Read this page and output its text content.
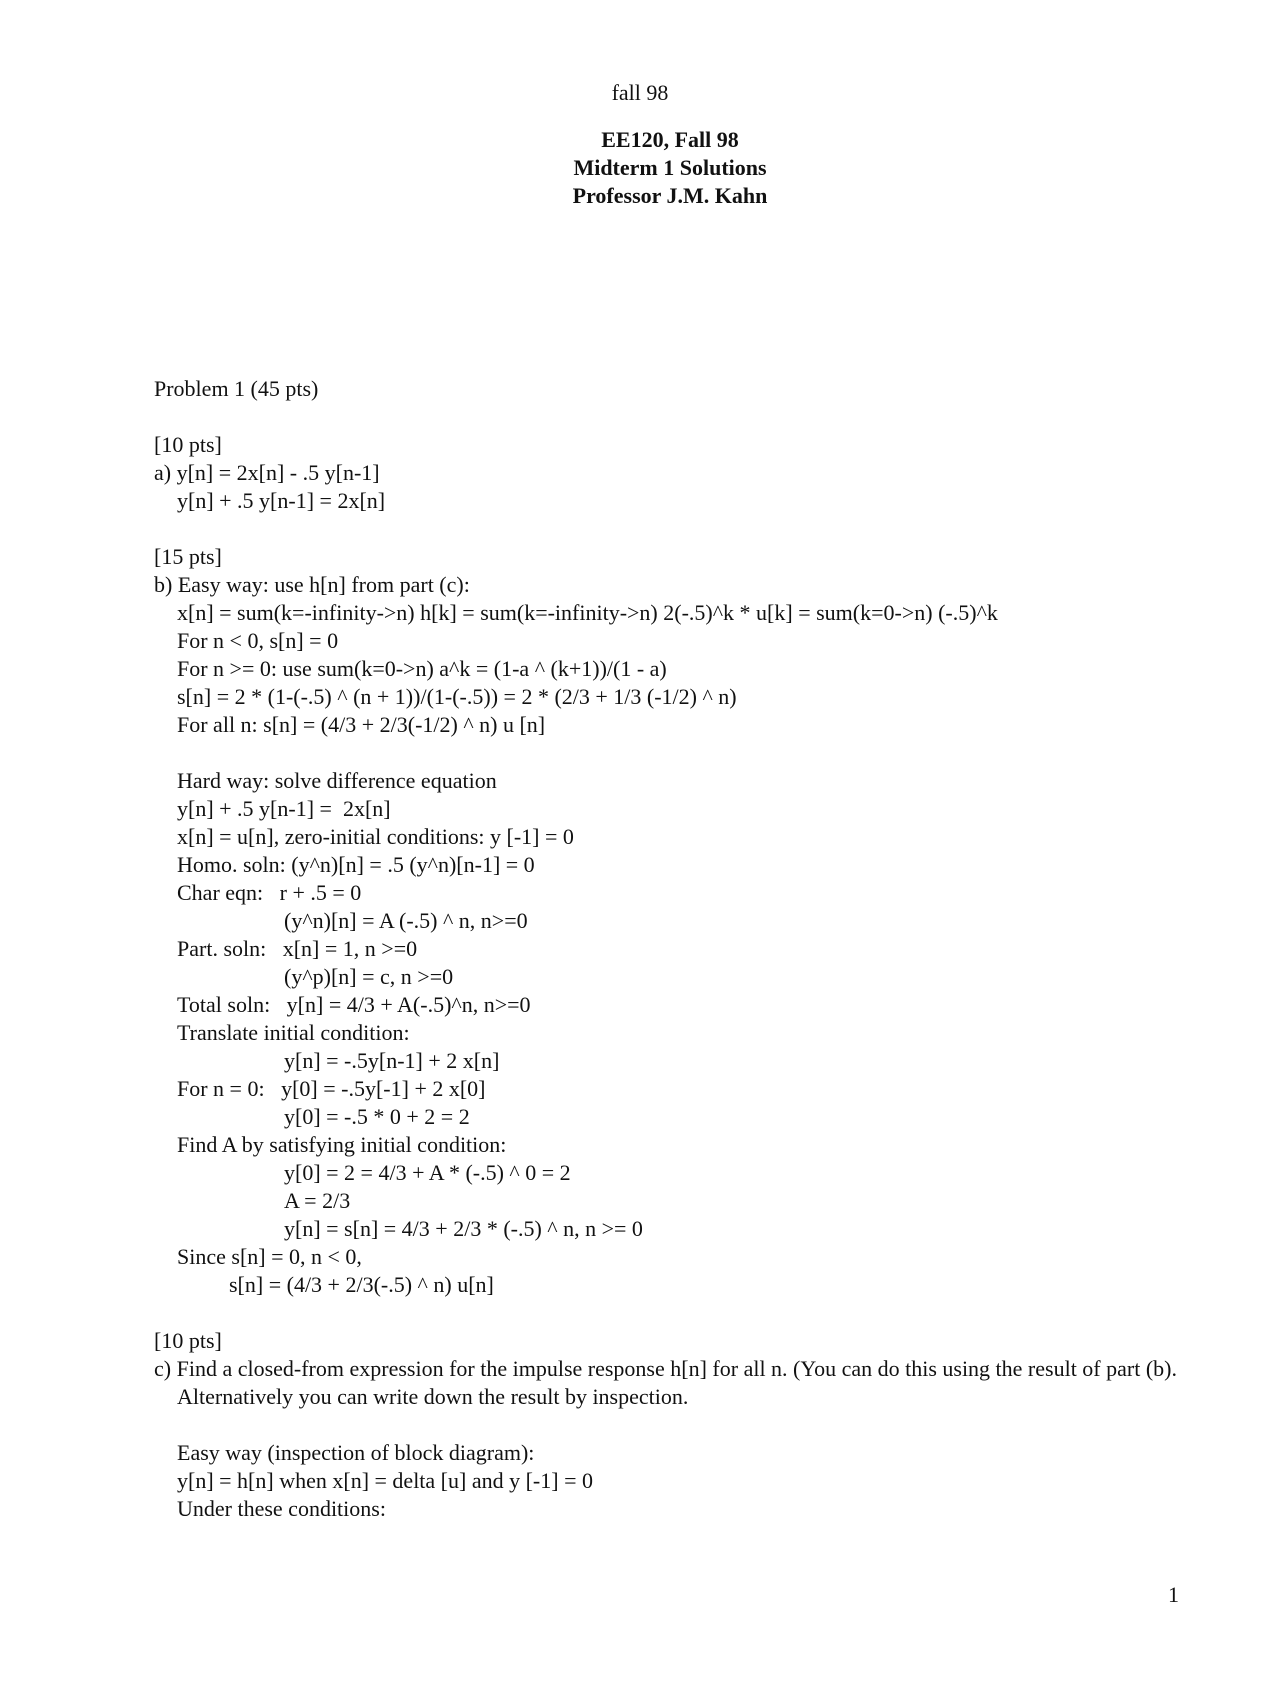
fall 98
EE120, Fall 98
Midterm 1 Solutions
Professor J.M. Kahn
Problem 1 (45 pts)
[10 pts]
a) y[n] = 2x[n] - .5 y[n-1]
y[n] + .5 y[n-1] = 2x[n]
[15 pts]
b) Easy way: use h[n] from part (c):
x[n] = sum(k=-infinity->n) h[k] = sum(k=-infinity->n) 2(-.5)^k * u[k] = sum(k=0->n) (-.5)^k
For n < 0, s[n] = 0
For n >= 0: use sum(k=0->n) a^k = (1-a ^ (k+1))/(1 - a)
s[n] = 2 * (1-(-.5) ^ (n + 1))/(1-(-.5)) = 2 * (2/3 + 1/3 (-1/2) ^ n)
For all n: s[n] = (4/3 + 2/3(-1/2) ^ n) u [n]
Hard way: solve difference equation
y[n] + .5 y[n-1] =  2x[n]
x[n] = u[n], zero-initial conditions: y [-1] = 0
Homo. soln: (y^n)[n] = .5 (y^n)[n-1] = 0
Char eqn:   r + .5 = 0
(y^n)[n] = A (-.5) ^ n, n>=0
Part. soln:   x[n] = 1, n >=0
(y^p)[n] = c, n >=0
Total soln:   y[n] = 4/3 + A(-.5)^n, n>=0
Translate initial condition:
y[n] = -.5y[n-1] + 2 x[n]
For n = 0:   y[0] = -.5y[-1] + 2 x[0]
y[0] = -.5 * 0 + 2 = 2
Find A by satisfying initial condition:
y[0] = 2 = 4/3 + A * (-.5) ^ 0 = 2
A = 2/3
y[n] = s[n] = 4/3 + 2/3 * (-.5) ^ n, n >= 0
Since s[n] = 0, n < 0,
s[n] = (4/3 + 2/3(-.5) ^ n) u[n]
[10 pts]
c) Find a closed-from expression for the impulse response h[n] for all n. (You can do this using the result of part (b).
Alternatively you can write down the result by inspection.
Easy way (inspection of block diagram):
y[n] = h[n] when x[n] = delta [u] and y [-1] = 0
Under these conditions:
1
